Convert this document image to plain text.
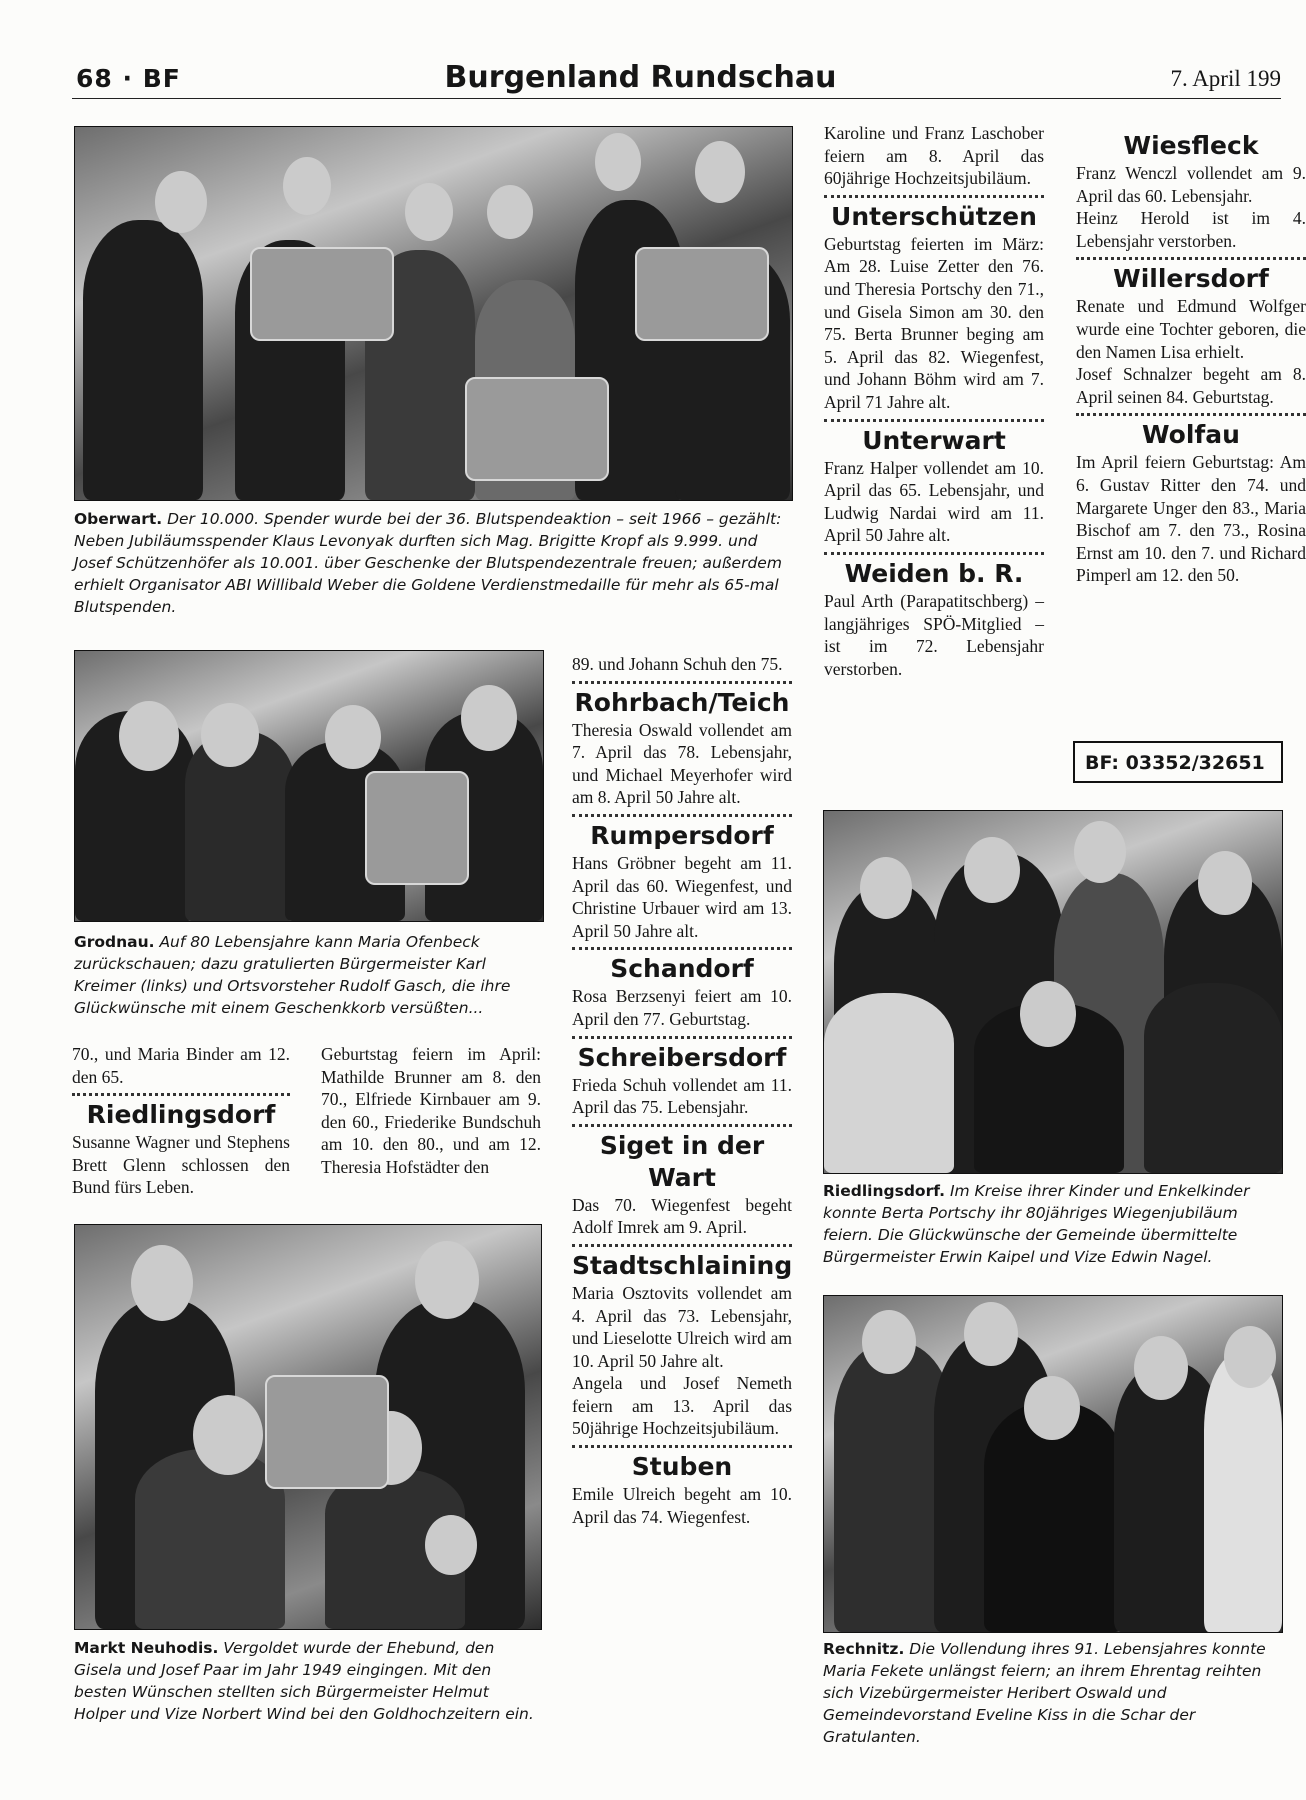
68 · BF	Burgenland Rundschau	7. April 199
Oberwart. Der 10.000. Spender wurde bei der 36. Blutspendeaktion – seit 1966 – gezählt: Neben Jubiläumsspender Klaus Levonyak durften sich Mag. Brigitte Kropf als 9.999. und Josef Schützenhöfer als 10.001. über Geschenke der Blutspendezentrale freuen; außerdem erhielt Organisator ABI Willibald Weber die Goldene Verdienstmedaille für mehr als 65-mal Blutspenden.
Grodnau. Auf 80 Lebensjahre kann Maria Ofenbeck zurückschauen; dazu gratulierten Bürgermeister Karl Kreimer (links) und Ortsvorsteher Rudolf Gasch, die ihre Glückwünsche mit einem Geschenkkorb versüßten...

70., und Maria Binder am 12. den 65.

Riedlingsdorf

Susanne Wagner und Stephens Brett Glenn schlossen den Bund fürs Leben.

Geburtstag feiern im April: Mathilde Brunner am 8. den 70., Elfriede Kirnbauer am 9. den 60., Friederike Bundschuh am 10. den 80., und am 12. Theresia Hofstädter den

Markt Neuhodis. Vergoldet wurde der Ehebund, den Gisela und Josef Paar im Jahr 1949 eingingen. Mit den besten Wünschen stellten sich Bürgermeister Helmut Holper und Vize Norbert Wind bei den Goldhochzeitern ein.

89. und Johann Schuh den 75.

Rohrbach/Teich

Theresia Oswald vollendet am 7. April das 78. Lebensjahr, und Michael Meyerhofer wird am 8. April 50 Jahre alt.

Rumpersdorf

Hans Gröbner begeht am 11. April das 60. Wiegenfest, und Christine Urbauer wird am 13. April 50 Jahre alt.

Schandorf

Rosa Berzsenyi feiert am 10. April den 77. Geburtstag.

Schreibersdorf

Frieda Schuh vollendet am 11. April das 75. Lebensjahr.

Siget in der Wart

Das 70. Wiegenfest begeht Adolf Imrek am 9. April.

Stadtschlaining

Maria Osztovits vollendet am 4. April das 73. Lebensjahr, und Lieselotte Ulreich wird am 10. April 50 Jahre alt.

Angela und Josef Nemeth feiern am 13. April das 50jährige Hochzeitsjubiläum.

Stuben

Emile Ulreich begeht am 10. April das 74. Wiegenfest.

Karoline und Franz Laschober feiern am 8. April das 60jährige Hochzeitsjubiläum.

Unterschützen

Geburtstag feierten im März: Am 28. Luise Zetter den 76. und Theresia Portschy den 71., und Gisela Simon am 30. den 75. Berta Brunner beging am 5. April das 82. Wiegenfest, und Johann Böhm wird am 7. April 71 Jahre alt.

Unterwart

Franz Halper vollendet am 10. April das 65. Lebensjahr, und Ludwig Nardai wird am 11. April 50 Jahre alt.

Weiden b. R.

Paul Arth (Parapatitschberg) – langjähriges SPÖ-Mitglied – ist im 72. Lebensjahr verstorben.

Wiesfleck

Franz Wenczl vollendet am 9. April das 60. Lebensjahr.

Heinz Herold ist im 4. Lebensjahr verstorben.

Willersdorf

Renate und Edmund Wolfger wurde eine Tochter geboren, die den Namen Lisa erhielt.

Josef Schnalzer begeht am 8. April seinen 84. Geburtstag.

Wolfau

Im April feiern Geburtstag: Am 6. Gustav Ritter den 74. und Margarete Unger den 83., Maria Bischof am 7. den 73., Rosina Ernst am 10. den 7. und Richard Pimperl am 12. den 50.

BF: 03352/32651
Riedlingsdorf. Im Kreise ihrer Kinder und Enkelkinder konnte Berta Portschy ihr 80jähriges Wiegenjubiläum feiern. Die Glückwünsche der Gemeinde übermittelte Bürgermeister Erwin Kaipel und Vize Edwin Nagel.
Rechnitz. Die Vollendung ihres 91. Lebensjahres konnte Maria Fekete unlängst feiern; an ihrem Ehrentag reihten sich Vizebürgermeister Heribert Oswald und Gemeindevorstand Eveline Kiss in die Schar der Gratulanten.
